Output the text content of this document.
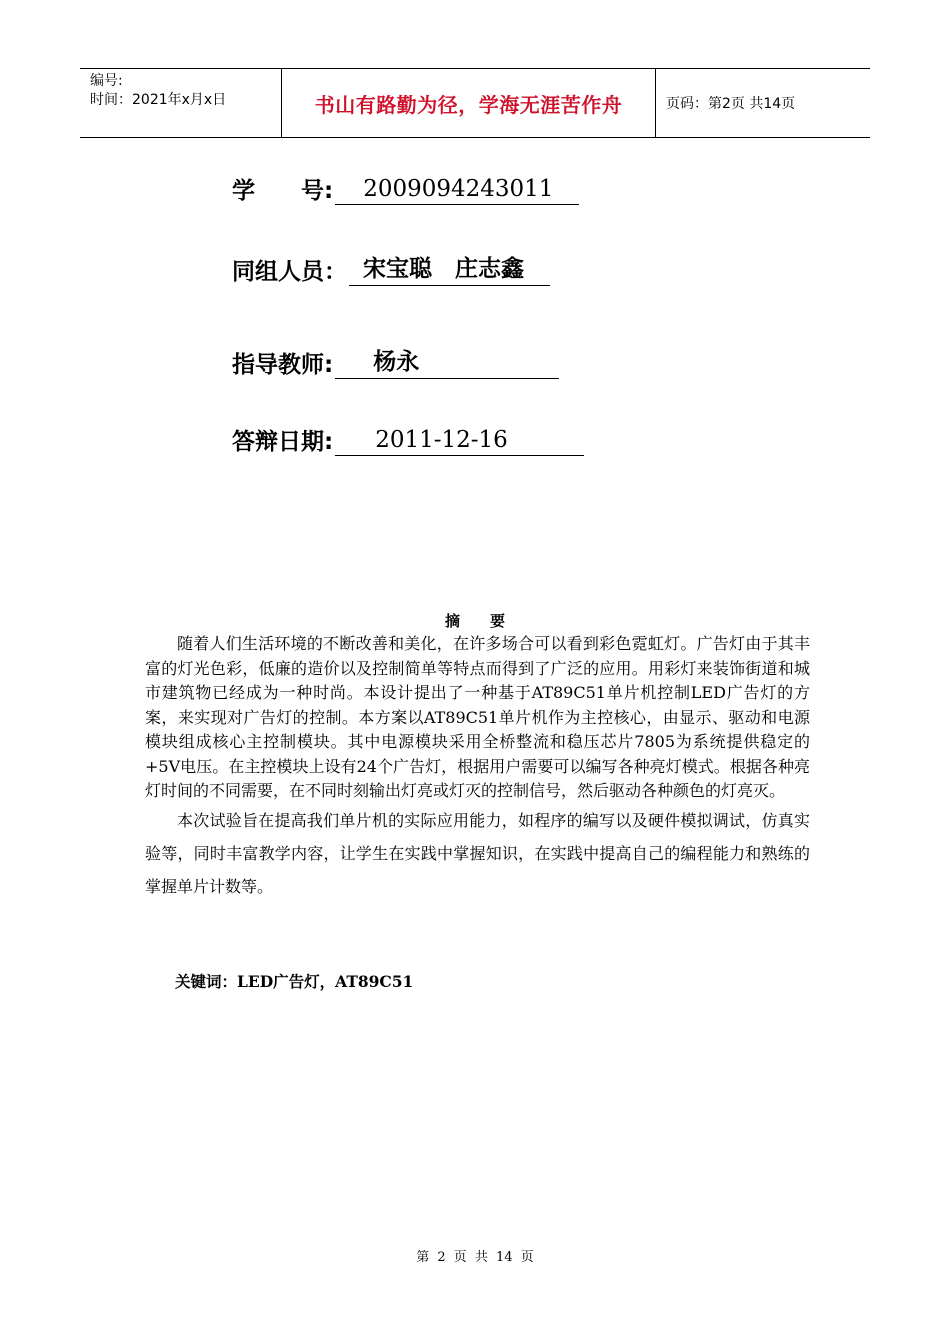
编号:
时间：2021年x月x日	书山有路勤为径，学海无涯苦作舟	页码：第2页 共14页
学　　号:	2009094243011
同组人员： 宋宝聪　庄志鑫
指导教师:	杨永
答辩日期:	2011-12-16
摘　　要

随着人们生活环境的不断改善和美化，在许多场合可以看到彩色霓虹灯。广告灯由于其丰富的灯光色彩，低廉的造价以及控制简单等特点而得到了广泛的应用。用彩灯来装饰街道和城市建筑物已经成为一种时尚。本设计提出了一种基于AT89C51单片机控制LED广告灯的方案，来实现对广告灯的控制。本方案以AT89C51单片机作为主控核心，由显示、驱动和电源模块组成核心主控制模块。其中电源模块采用全桥整流和稳压芯片7805为系统提供稳定的+5V电压。在主控模块上设有24个广告灯，根据用户需要可以编写各种亮灯模式。根据各种亮灯时间的不同需要，在不同时刻输出灯亮或灯灭的控制信号，然后驱动各种颜色的灯亮灭。

本次试验旨在提高我们单片机的实际应用能力，如程序的编写以及硬件模拟调试，仿真实验等，同时丰富教学内容，让学生在实践中掌握知识，在实践中提高自己的编程能力和熟练的掌握单片计数等。

关键词：LED广告灯，AT89C51
第 2 页 共 14 页
